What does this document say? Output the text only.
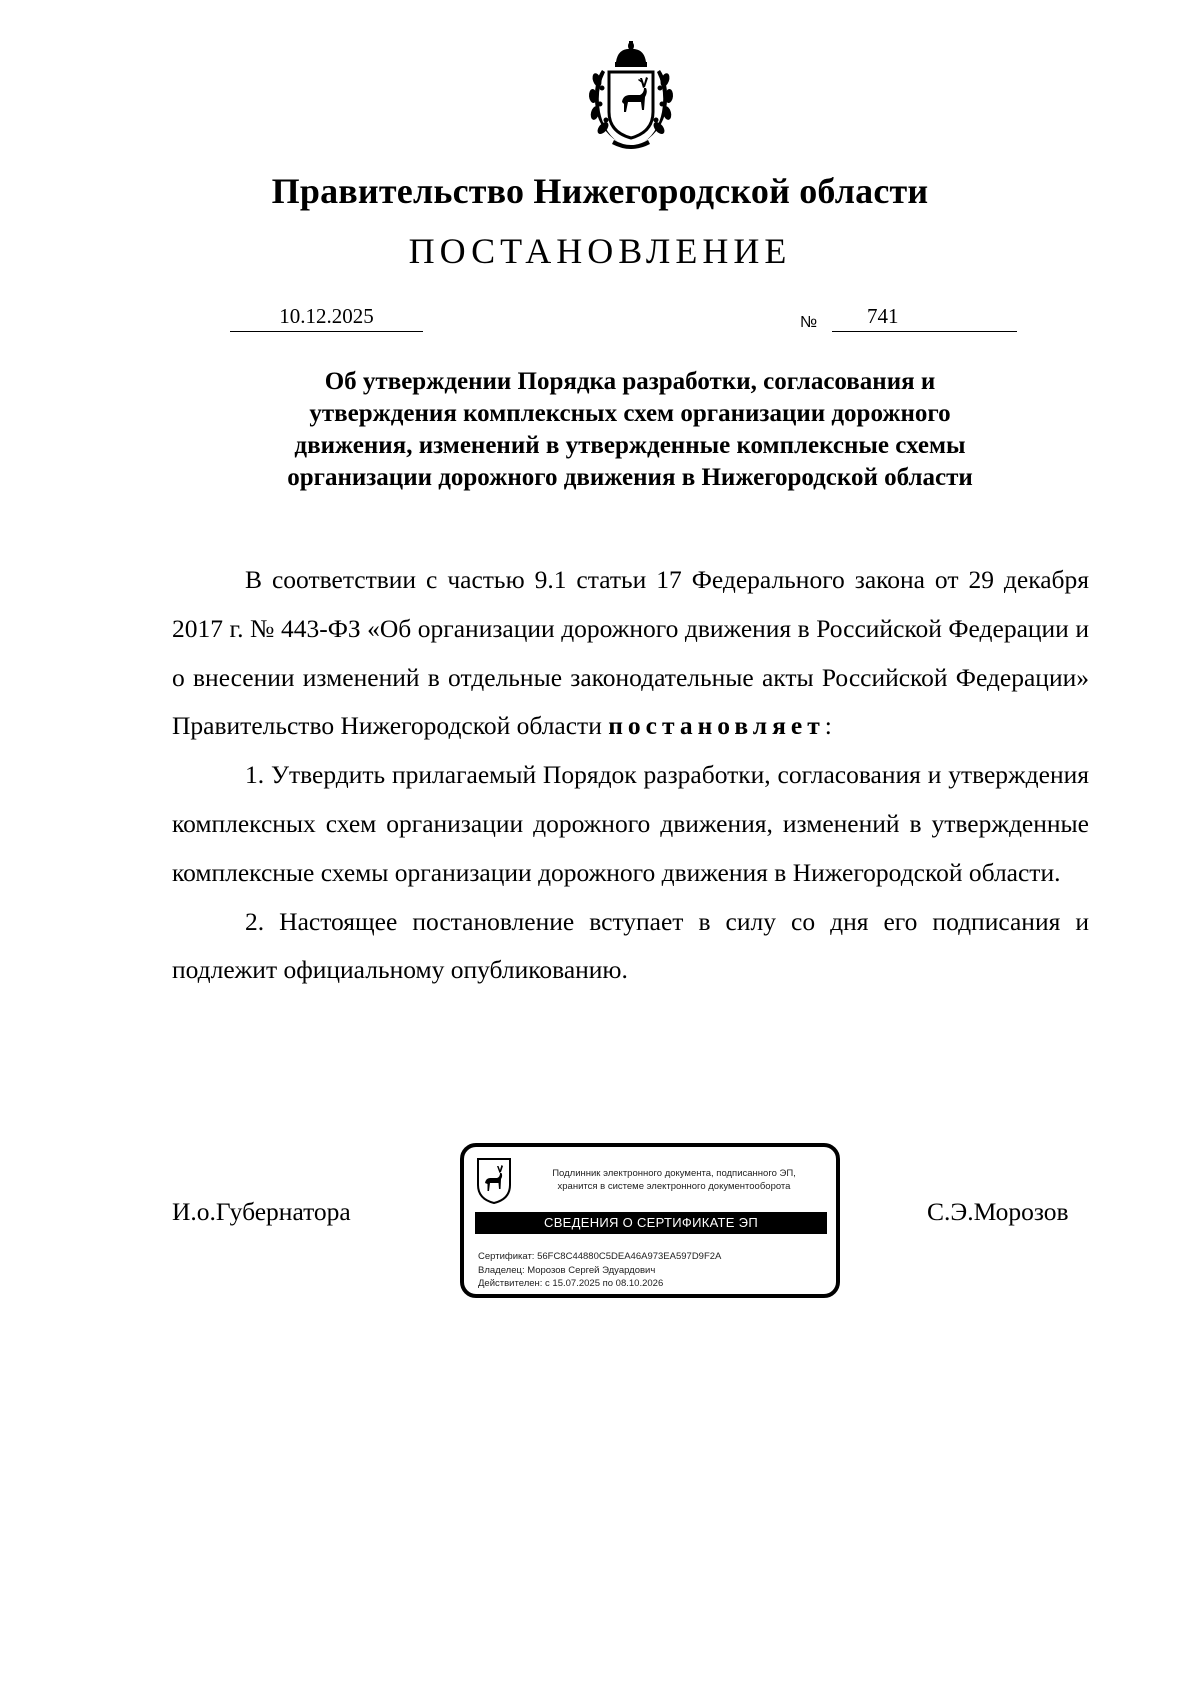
Правительство Нижегородской области
ПОСТАНОВЛЕНИЕ
10.12.2025	№	741
Об утверждении Порядка разработки, согласования и
утверждения комплексных схем организации дорожного
движения, изменений в утвержденные комплексные схемы
организации дорожного движения в Нижегородской области

В соответствии с частью 9.1 статьи 17 Федерального закона от 29 декабря 2017 г. № 443-ФЗ «Об организации дорожного движения в Российской Федерации и о внесении изменений в отдельные законодательные акты Российской Федерации» Правительство Нижегородской области постановляет:

1. Утвердить прилагаемый Порядок разработки, согласования и утверждения комплексных схем организации дорожного движения, изменений в утвержденные комплексные схемы организации дорожного движения в Нижегородской области.

2. Настоящее постановление вступает в силу со дня его подписания и подлежит официальному опубликованию.

И.о.Губернатора	С.Э.Морозов
Подлинник электронного документа, подписанного ЭП,
хранится в системе электронного документооборота
СВЕДЕНИЯ О СЕРТИФИКАТЕ ЭП
Сертификат: 56FC8C44880C5DEA46A973EA597D9F2A
Владелец: Морозов Сергей Эдуардович
Действителен: с 15.07.2025 по 08.10.2026
